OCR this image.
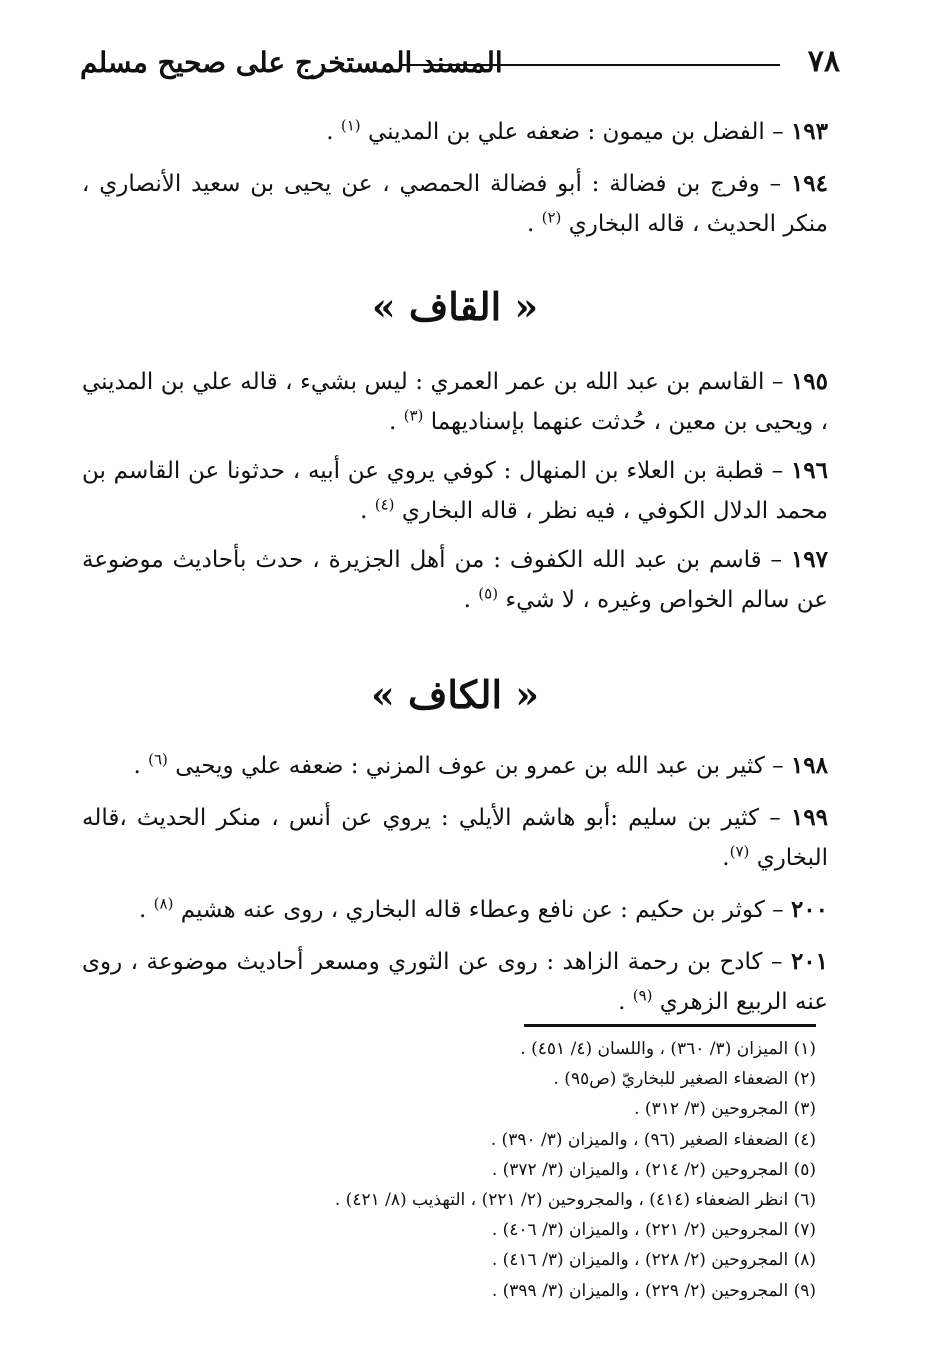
٧٨
المسند المستخرج على صحيح مسلم

١٩٣ – الفضل بن ميمون : ضعفه علي بن المديني $^{(١)}$ .

١٩٤ – وفرج بن فضالة : أبو فضالة الحمصي ، عن يحيى بن سعيد الأنصاري ، منكر الحديث ، قاله البخاري $^{(٢)}$ .

« القاف »

١٩٥ – القاسم بن عبد الله بن عمر العمري : ليس بشيء ، قاله علي بن المديني ، ويحيى بن معين ، حُدثت عنهما بإسناديهما $^{(٣)}$ .

١٩٦ – قطبة بن العلاء بن المنهال : كوفي يروي عن أبيه ، حدثونا عن القاسم بن محمد الدلال الكوفي ، فيه نظر ، قاله البخاري $^{(٤)}$ .

١٩٧ – قاسم بن عبد الله الكفوف : من أهل الجزيرة ، حدث بأحاديث موضوعة عن سالم الخواص وغيره ، لا شيء $^{(٥)}$ .

« الكاف »

١٩٨ – كثير بن عبد الله بن عمرو بن عوف المزني : ضعفه علي ويحيى $^{(٦)}$ .

١٩٩ – كثير بن سليم :أبو هاشم الأيلي : يروي عن أنس ، منكر الحديث ،قاله البخاري $^{(٧)}$.

٢٠٠ – كوثر بن حكيم : عن نافع وعطاء قاله البخاري ، روى عنه هشيم $^{(٨)}$ .

٢٠١ – كادح بن رحمة الزاهد : روى عن الثوري ومسعر أحاديث موضوعة ، روى عنه الربيع الزهري $^{(٩)}$ .

(١) الميزان (٣/ ٣٦٠) ، واللسان (٤/ ٤٥١) .
(٢) الضعفاء الصغير للبخاريّ (ص٩٥) .
(٣) المجروحين (٣/ ٣١٢) .
(٤) الضعفاء الصغير (٩٦) ، والميزان (٣/ ٣٩٠) .
(٥) المجروحين (٢/ ٢١٤) ، والميزان (٣/ ٣٧٢) .
(٦) انظر الضعفاء (٤١٤) ، والمجروحين (٢/ ٢٢١) ، التهذيب (٨/ ٤٢١) .
(٧) المجروحين (٢/ ٢٢١) ، والميزان (٣/ ٤٠٦) .
(٨) المجروحين (٢/ ٢٢٨) ، والميزان (٣/ ٤١٦) .
(٩) المجروحين (٢/ ٢٢٩) ، والميزان (٣/ ٣٩٩) .
